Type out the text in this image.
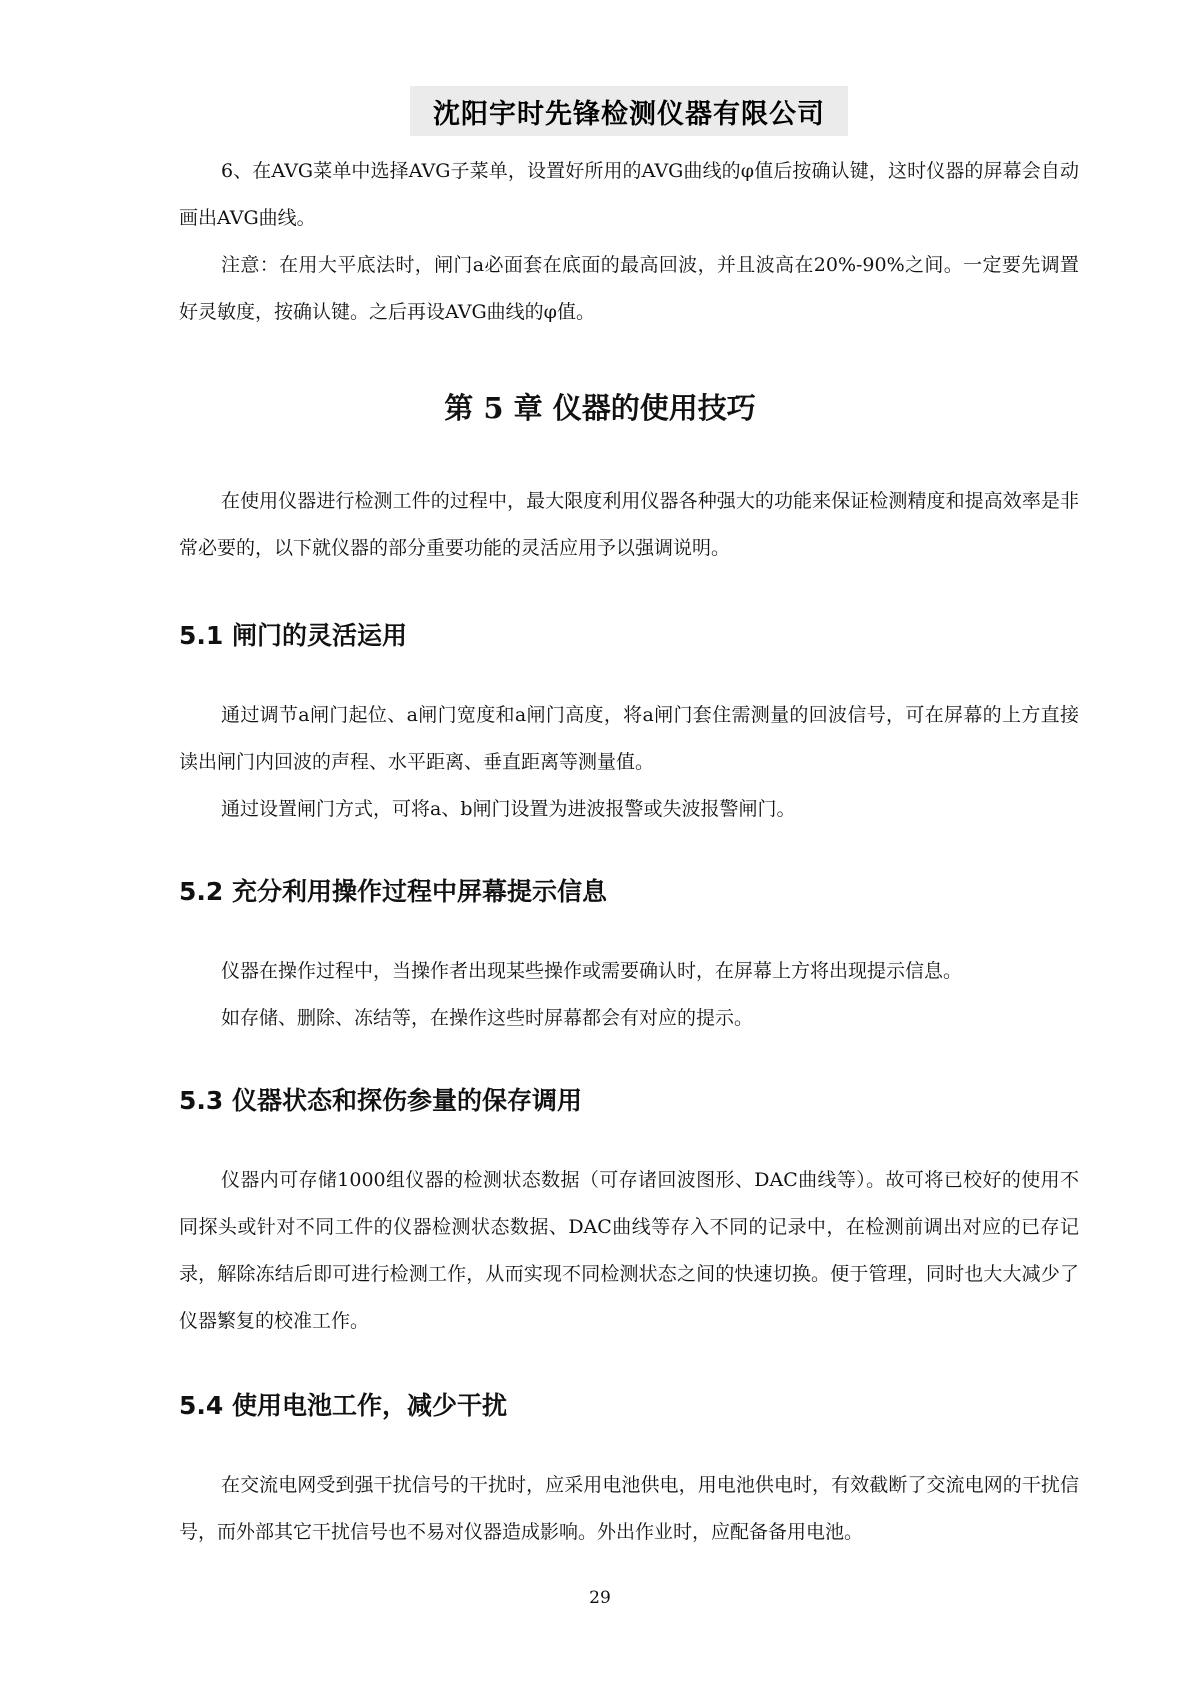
沈阳宇时先锋检测仪器有限公司

6、在AVG菜单中选择AVG子菜单，设置好所用的AVG曲线的φ值后按确认键，这时仪器的屏幕会自动画出AVG曲线。

注意：在用大平底法时，闸门a必面套在底面的最高回波，并且波高在20%-90%之间。一定要先调置好灵敏度，按确认键。之后再设AVG曲线的φ值。

第 5 章 仪器的使用技巧

在使用仪器进行检测工件的过程中，最大限度利用仪器各种强大的功能来保证检测精度和提高效率是非常必要的，以下就仪器的部分重要功能的灵活应用予以强调说明。

5.1 闸门的灵活运用

通过调节a闸门起位、a闸门宽度和a闸门高度，将a闸门套住需测量的回波信号，可在屏幕的上方直接读出闸门内回波的声程、水平距离、垂直距离等测量值。

通过设置闸门方式，可将a、b闸门设置为进波报警或失波报警闸门。

5.2 充分利用操作过程中屏幕提示信息

仪器在操作过程中，当操作者出现某些操作或需要确认时，在屏幕上方将出现提示信息。

如存储、删除、冻结等，在操作这些时屏幕都会有对应的提示。

5.3 仪器状态和探伤参量的保存调用

仪器内可存储1000组仪器的检测状态数据（可存诸回波图形、DAC曲线等）。故可将已校好的使用不同探头或针对不同工件的仪器检测状态数据、DAC曲线等存入不同的记录中，在检测前调出对应的已存记录，解除冻结后即可进行检测工作，从而实现不同检测状态之间的快速切换。便于管理，同时也大大减少了仪器繁复的校准工作。

5.4 使用电池工作，减少干扰

在交流电网受到强干扰信号的干扰时，应采用电池供电，用电池供电时，有效截断了交流电网的干扰信号，而外部其它干扰信号也不易对仪器造成影响。外出作业时，应配备备用电池。

29
